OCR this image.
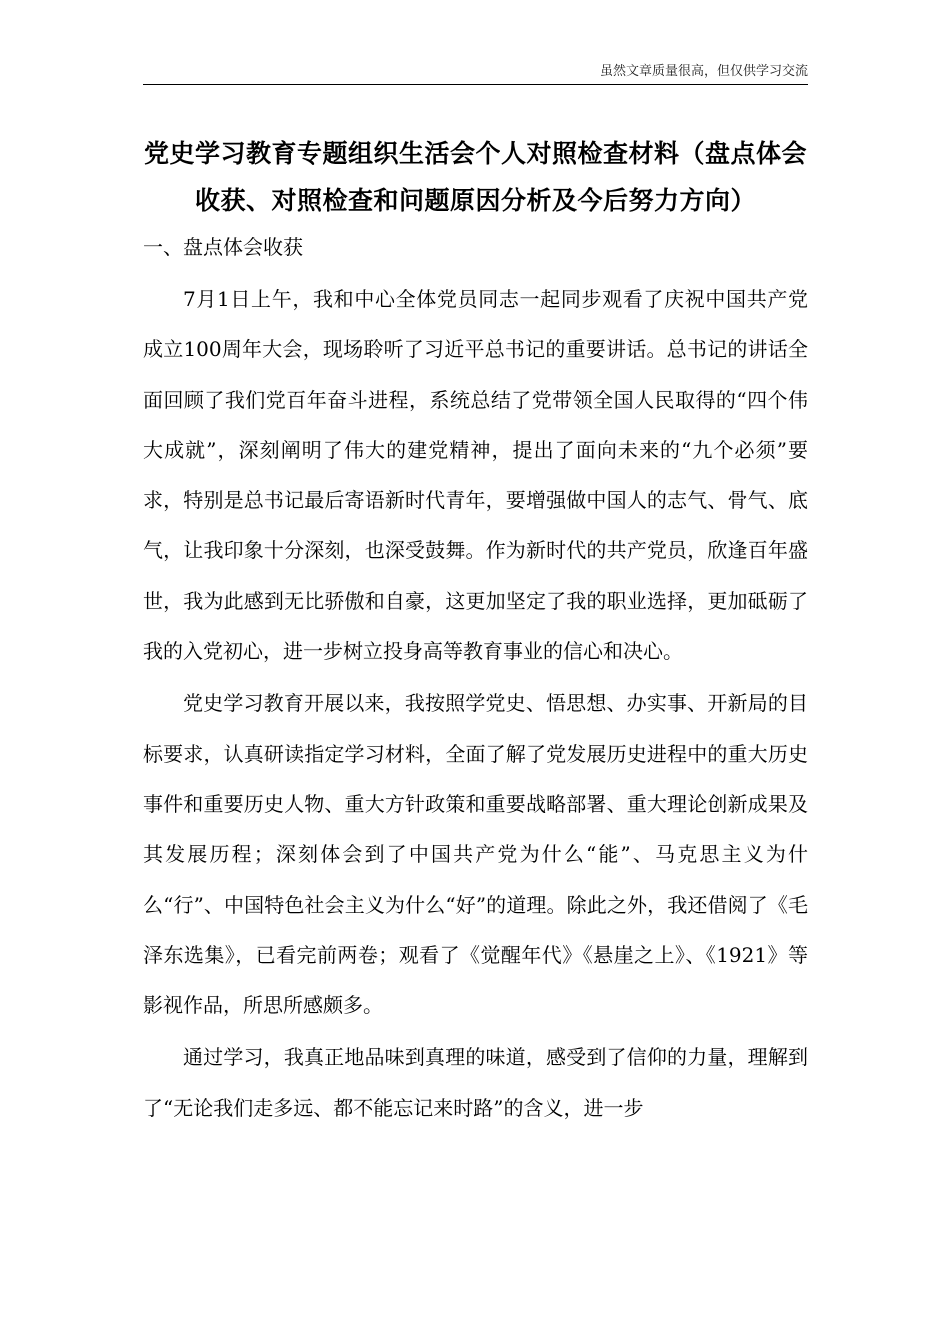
虽然文章质量很高，但仅供学习交流
党史学习教育专题组织生活会个人对照检查材料（盘点体会收获、对照检查和问题原因分析及今后努力方向）
一、盘点体会收获

7月1日上午，我和中心全体党员同志一起同步观看了庆祝中国共产党成立100周年大会，现场聆听了习近平总书记的重要讲话。总书记的讲话全面回顾了我们党百年奋斗进程，系统总结了党带领全国人民取得的“四个伟大成就”，深刻阐明了伟大的建党精神，提出了面向未来的“九个必须”要求，特别是总书记最后寄语新时代青年，要增强做中国人的志气、骨气、底气，让我印象十分深刻，也深受鼓舞。作为新时代的共产党员，欣逢百年盛世，我为此感到无比骄傲和自豪，这更加坚定了我的职业选择，更加砥砺了我的入党初心，进一步树立投身高等教育事业的信心和决心。

党史学习教育开展以来，我按照学党史、悟思想、办实事、开新局的目标要求，认真研读指定学习材料，全面了解了党发展历史进程中的重大历史事件和重要历史人物、重大方针政策和重要战略部署、重大理论创新成果及其发展历程；深刻体会到了中国共产党为什么“能”、马克思主义为什么“行”、中国特色社会主义为什么“好”的道理。除此之外，我还借阅了《毛泽东选集》，已看完前两卷；观看了《觉醒年代》《悬崖之上》、《1921》等影视作品，所思所感颇多。

通过学习，我真正地品味到真理的味道，感受到了信仰的力量，理解到了“无论我们走多远、都不能忘记来时路”的含义，进一步
